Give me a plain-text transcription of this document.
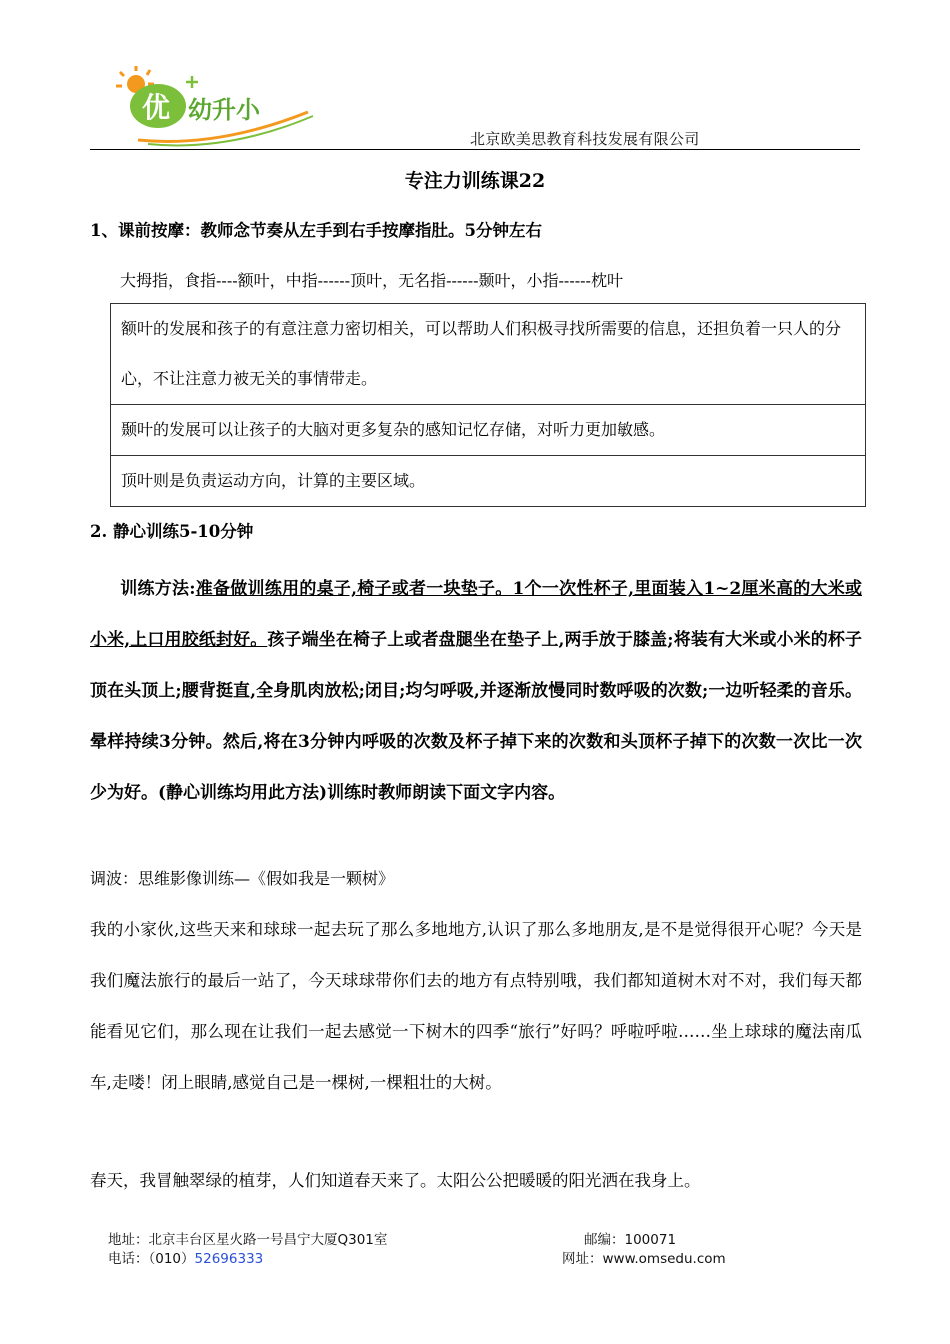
优 幼升小
北京欧美思教育科技发展有限公司
专注力训练课22
1、课前按摩：教师念节奏从左手到右手按摩指肚。5分钟左右
大拇指，食指----额叶，中指------顶叶，无名指------颞叶，小指------枕叶
额叶的发展和孩子的有意注意力密切相关，可以帮助人们积极寻找所需要的信息，还担负着一只人的分心，不让注意力被无关的事情带走。
颞叶的发展可以让孩子的大脑对更多复杂的感知记忆存储，对听力更加敏感。
顶叶则是负责运动方向，计算的主要区域。
2. 静心训练5-10分钟

训练方法:准备做训练用的桌子,椅子或者一块垫子。1个一次性杯子,里面装入1~2厘米高的大米或小米,上口用胶纸封好。孩子端坐在椅子上或者盘腿坐在垫子上,两手放于膝盖;将装有大米或小米的杯子顶在头顶上;腰背挺直,全身肌肉放松;闭目;均匀呼吸,并逐渐放慢同时数呼吸的次数;一边听轻柔的音乐。晕样持续3分钟。然后,将在3分钟内呼吸的次数及杯子掉下来的次数和头顶杯子掉下的次数一次比一次少为好。(静心训练均用此方法)训练时教师朗读下面文字内容。

调波：思维影像训练—《假如我是一颗树》

我的小家伙,这些天来和球球一起去玩了那么多地地方,认识了那么多地朋友,是不是觉得很开心呢？今天是我们魔法旅行的最后一站了，今天球球带你们去的地方有点特别哦，我们都知道树木对不对，我们每天都能看见它们，那么现在让我们一起去感觉一下树木的四季“旅行”好吗？呼啦呼啦……坐上球球的魔法南瓜车,走喽！闭上眼睛,感觉自己是一棵树,一棵粗壮的大树。

春天，我冒触翠绿的植芽，人们知道春天来了。太阳公公把暖暖的阳光洒在我身上。

地址：北京丰台区星火路一号昌宁大厦Q301室
电话：（010）52696333
邮编：100071
网址：www.omsedu.com
